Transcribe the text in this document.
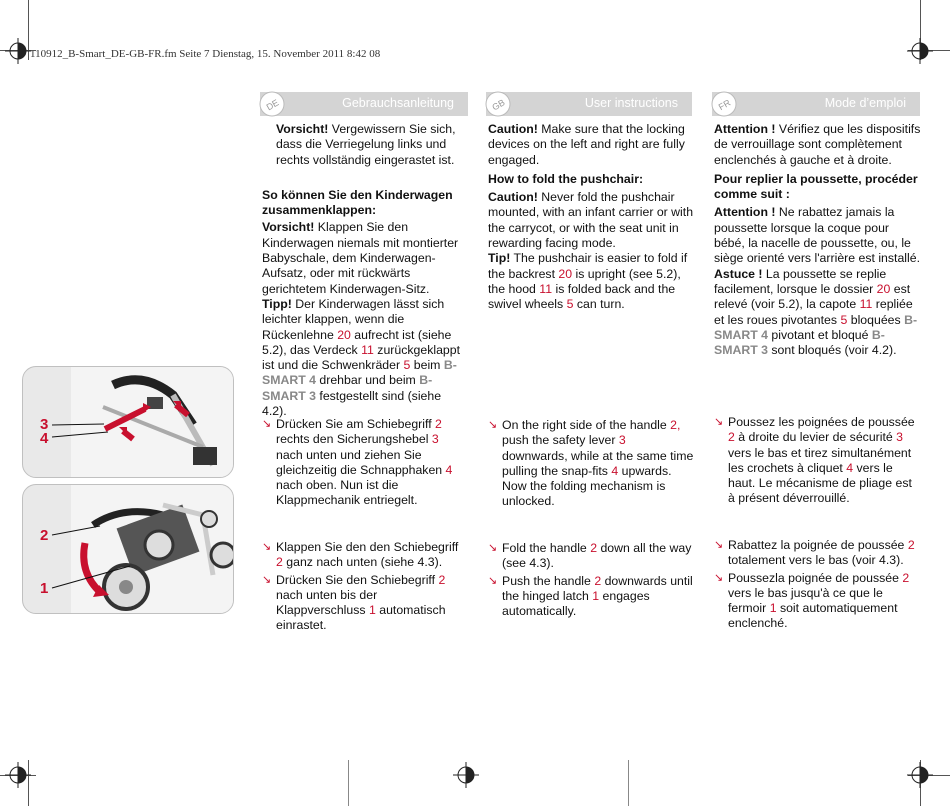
110912_B-Smart_DE-GB-FR.fm Seite 7 Dienstag, 15. November 2011 8:42 08
DE	Gebrauchsanleitung	GB	User instructions	FR	Mode d’emploi
3
4
2
1

Vorsicht! Vergewissern Sie sich, dass die Verriegelung links und rechts vollständig eingerastet ist.

So können Sie den Kinderwagen zusammenklappen:

Vorsicht! Klappen Sie den Kinderwagen niemals mit montierter Babyschale, dem Kinderwagen-Aufsatz, oder mit rückwärts gerichtetem Kinderwagen-Sitz.

Tipp! Der Kinderwagen lässt sich leichter klappen, wenn die Rückenlehne 20 aufrecht ist (siehe 5.2), das Verdeck 11 zurückgeklappt ist und die Schwenkräder 5 beim B-SMART 4 drehbar und beim B-SMART 3 festgestellt sind (siehe 4.2).

↘ Drücken Sie am Schiebegriff 2 rechts den Sicherungshebel 3 nach unten und ziehen Sie gleichzeitig die Schnapphaken 4 nach oben. Nun ist die Klappmechanik entriegelt.

↘ Klappen Sie den den Schiebegriff 2 ganz nach unten (siehe 4.3).

↘ Drücken Sie den Schiebegriff 2 nach unten bis der Klappverschluss 1 automatisch einrastet.

Caution! Make sure that the locking devices on the left and right are fully engaged.

How to fold the pushchair:

Caution! Never fold the pushchair mounted, with an infant carrier or with the carrycot, or with the seat unit in rewarding facing mode.

Tip! The pushchair is easier to fold if the backrest 20 is upright (see 5.2), the hood 11 is folded back and the swivel wheels 5 can turn.

↘ On the right side of the handle 2, push the safety lever 3 downwards, while at the same time pulling the snap-fits 4 upwards. Now the folding mechanism is unlocked.

↘ Fold the handle 2 down all the way (see 4.3).

↘ Push the handle 2 downwards until the hinged latch 1 engages automatically.

Attention ! Vérifiez que les dispositifs de verrouillage sont complètement enclenchés à gauche et à droite.

Pour replier la poussette, procéder comme suit :

Attention ! Ne rabattez jamais la poussette lorsque la coque pour bébé, la nacelle de poussette, ou, le siège orienté vers l'arrière est installé.

Astuce ! La poussette se replie facilement, lorsque le dossier 20 est relevé (voir 5.2), la capote 11 repliée et les roues pivotantes 5 bloquées B-SMART 4 pivotant et bloqué B-SMART 3 sont bloqués (voir 4.2).

↘ Poussez les poignées de poussée 2 à droite du levier de sécurité 3 vers le bas et tirez simultanément les crochets à cliquet 4 vers le haut. Le mécanisme de pliage est à présent déverrouillé.

↘ Rabattez la poignée de poussée 2 totalement vers le bas (voir 4.3).

↘ Poussezla poignée de poussée 2 vers le bas jusqu'à ce que le fermoir 1 soit automatiquement enclenché.
